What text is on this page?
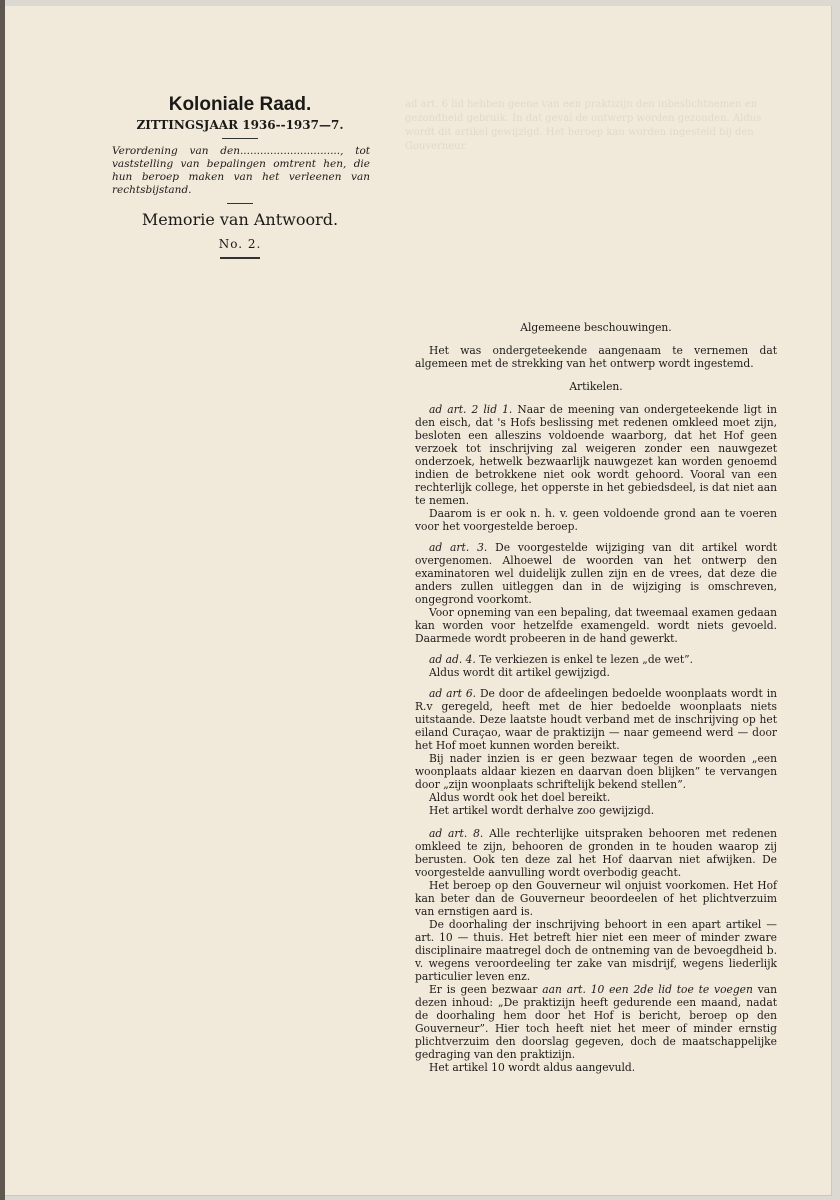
Koloniale Raad.
ZITTINGSJAAR 1936--1937—7.

Verordening van den.............................., tot vaststelling van bepalingen omtrent hen, die hun beroep maken van het verleenen van rechtsbijstand.

Memorie van Antwoord.
No. 2.
ad art. 6 lid hebben geene van een praktizijn den inbeslichtnemen en gezondheid gebruik. In dat geval de ontwerp worden gezonden. Aldus wordt dit artikel gewijzigd. Het beroep kan worden ingesteld bij den Gouverneur.

Algemeene beschouwingen.

Het was ondergeteekende aangenaam te vernemen dat algemeen met de strekking van het ontwerp wordt ingestemd.

Artikelen.

ad art. 2 lid 1. Naar de meening van ondergeteekende ligt in den eisch, dat 's Hofs beslissing met redenen omkleed moet zijn, besloten een alleszins voldoende waarborg, dat het Hof geen verzoek tot inschrijving zal weigeren zonder een nauwgezet onderzoek, hetwelk bezwaarlijk nauwgezet kan worden genoemd indien de betrokkene niet ook wordt gehoord. Vooral van een rechterlijk college, het opperste in het gebiedsdeel, is dat niet aan te nemen.

Daarom is er ook n. h. v. geen voldoende grond aan te voeren voor het voorgestelde beroep.

ad art. 3. De voorgestelde wijziging van dit artikel wordt overgenomen. Alhoewel de woorden van het ontwerp den examinatoren wel duidelijk zullen zijn en de vrees, dat deze die anders zullen uitleggen dan in de wijziging is omschreven, ongegrond voorkomt.

Voor opneming van een bepaling, dat tweemaal examen gedaan kan worden voor hetzelfde examengeld. wordt niets gevoeld. Daarmede wordt probeeren in de hand gewerkt.

ad ad. 4. Te verkiezen is enkel te lezen „de wet”.

Aldus wordt dit artikel gewijzigd.

ad art 6. De door de afdeelingen bedoelde woonplaats wordt in R.v geregeld, heeft met de hier bedoelde woonplaats niets uitstaande. Deze laatste houdt verband met de inschrijving op het eiland Curaçao, waar de praktizijn — naar gemeend werd — door het Hof moet kunnen worden bereikt.

Bij nader inzien is er geen bezwaar tegen de woorden „een woonplaats aldaar kiezen en daarvan doen blijken” te vervangen door „zijn woonplaats schriftelijk bekend stellen”.

Aldus wordt ook het doel bereikt.

Het artikel wordt derhalve zoo gewijzigd.

ad art. 8. Alle rechterlijke uitspraken behooren met redenen omkleed te zijn, behooren de gronden in te houden waarop zij berusten. Ook ten deze zal het Hof daarvan niet afwijken. De voorgestelde aanvulling wordt overbodig geacht.

Het beroep op den Gouverneur wil onjuist voorkomen. Het Hof kan beter dan de Gouverneur beoordeelen of het plichtverzuim van ernstigen aard is.

De doorhaling der inschrijving behoort in een apart artikel — art. 10 — thuis. Het betreft hier niet een meer of minder zware disciplinaire maatregel doch de ontneming van de bevoegdheid b. v. wegens veroordeeling ter zake van misdrijf, wegens liederlijk particulier leven enz.

Er is geen bezwaar aan art. 10 een 2de lid toe te voegen van dezen inhoud: „De praktizijn heeft gedurende een maand, nadat de doorhaling hem door het Hof is bericht, beroep op den Gouverneur”. Hier toch heeft niet het meer of minder ernstig plichtverzuim den doorslag gegeven, doch de maatschappelijke gedraging van den praktizijn.

Het artikel 10 wordt aldus aangevuld.
